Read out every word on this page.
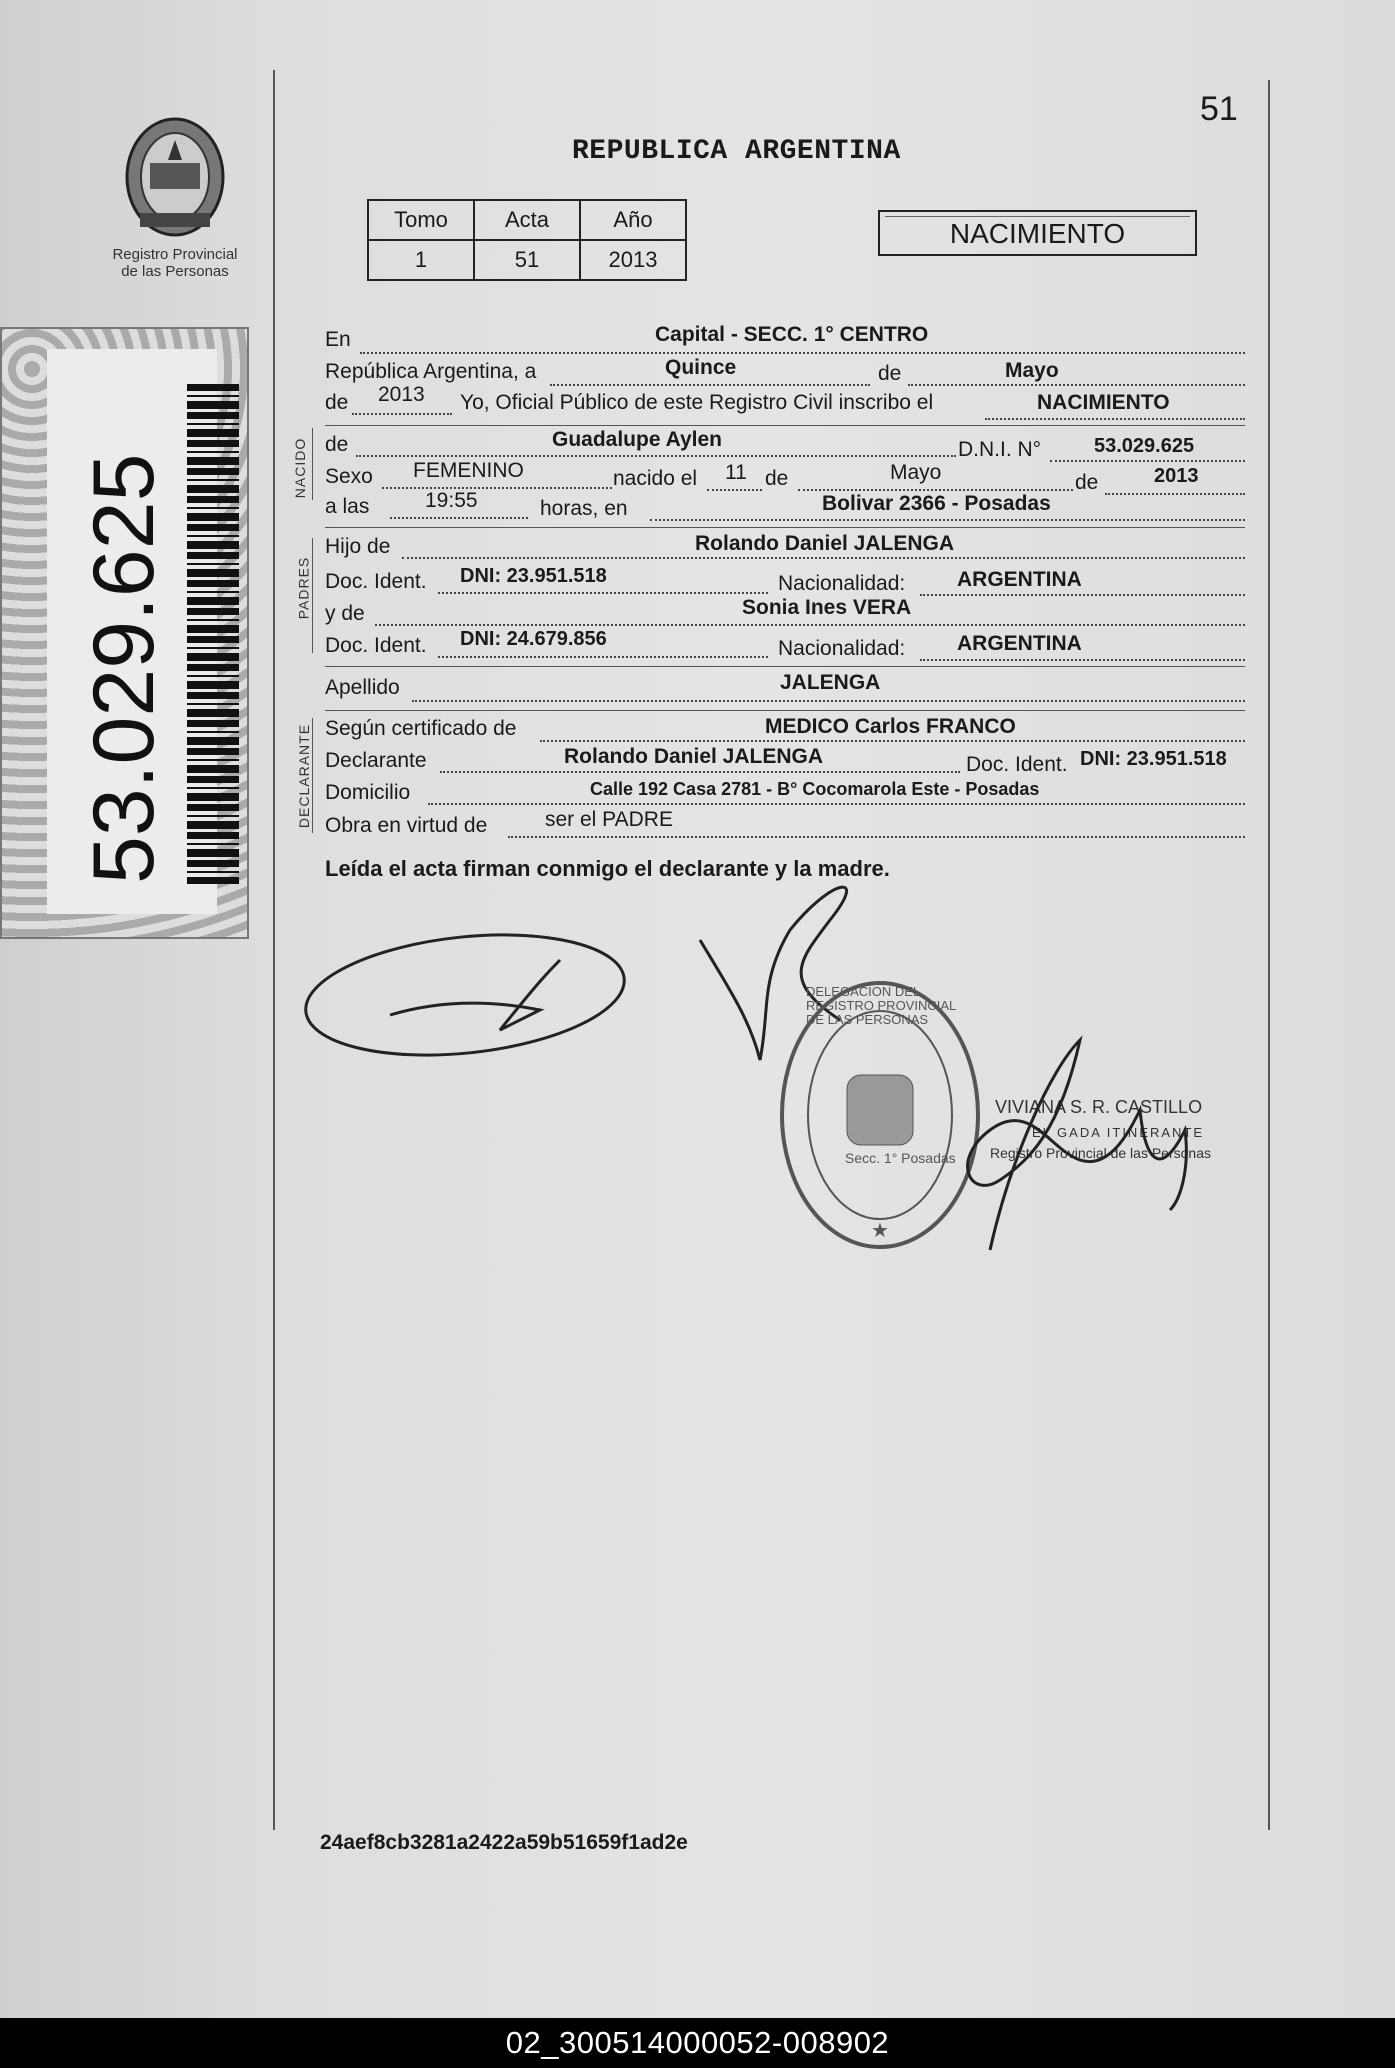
51
REPUBLICA ARGENTINA
Registro Provincial
de las Personas
Tomo	Acta	Año
1	51	2013
NACIMIENTO
53.029.625	NACIDO
PADRES
DECLARANTE
En	Capital - SECC. 1° CENTRO
República Argentina, a	Quince	de	Mayo
de 2013 Yo, Oficial Público de este Registro Civil inscribo el	NACIMIENTO
de	Guadalupe Aylen	D.N.I. N°	53.029.625
Sexo FEMENINO	nacido el 11 de	Mayo	de	2013
a las	19:55	horas, en	Bolivar 2366 - Posadas
Hijo de	Rolando Daniel JALENGA
Doc. Ident. DNI: 23.951.518	Nacionalidad: ARGENTINA
y de	Sonia Ines VERA
Doc. Ident. DNI: 24.679.856	Nacionalidad: ARGENTINA
Apellido	JALENGA
Según certificado de	MEDICO Carlos FRANCO
Declarante	Rolando Daniel JALENGA	Doc. Ident. DNI: 23.951.518
Domicilio	Calle 192 Casa 2781 - B° Cocomarola Este - Posadas
Obra en virtud de	ser el PADRE
Leída el acta firman conmigo el declarante y la madre.
★
DELEGACION DEL REGISTRO PROVINCIAL DE LAS PERSONAS
Secc. 1° Posadas
VIVIANA S. R. CASTILLO
EL GADA ITINERANTE
Registro Provincial de las Personas
24aef8cb3281a2422a59b51659f1ad2e
02_300514000052-008902
